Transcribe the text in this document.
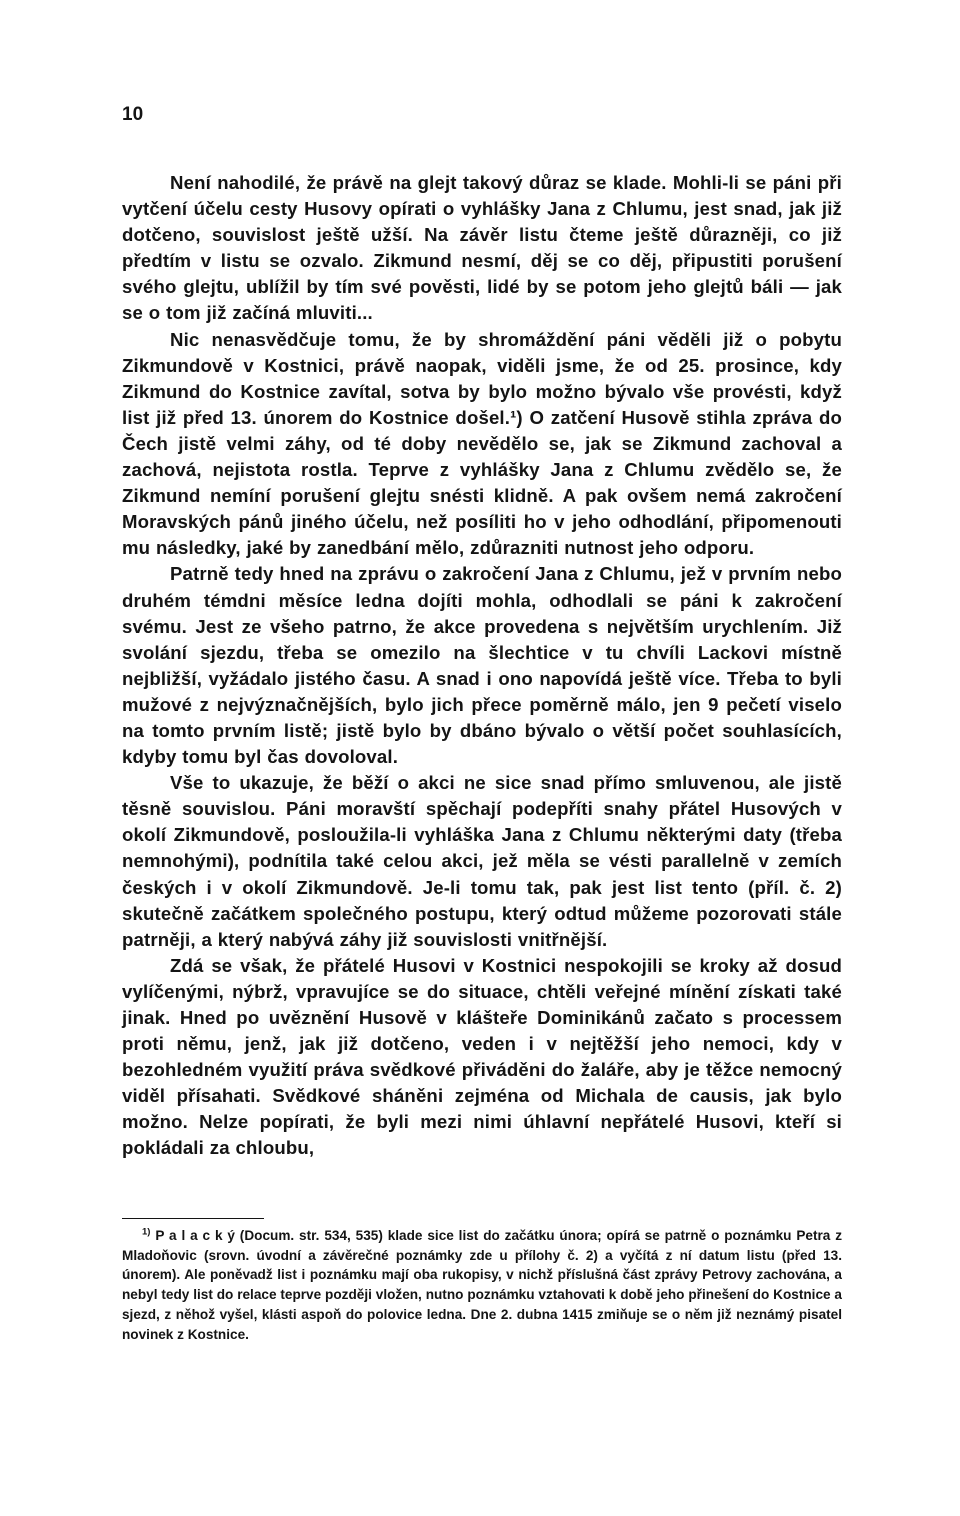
10

Není nahodilé, že právě na glejt takový důraz se klade. Mohli-li se páni při vytčení účelu cesty Husovy opírati o vyhlášky Jana z Chlumu, jest snad, jak již dotčeno, souvislost ještě užší. Na závěr listu čteme ještě důrazněji, co již předtím v listu se ozvalo. Zikmund nesmí, děj se co děj, připustiti porušení svého glejtu, ublížil by tím své pověsti, lidé by se potom jeho glejtů báli — jak se o tom již začíná mluviti...

Nic nenasvědčuje tomu, že by shromáždění páni věděli již o pobytu Zikmundově v Kostnici, právě naopak, viděli jsme, že od 25. prosince, kdy Zikmund do Kostnice zavítal, sotva by bylo možno bývalo vše provésti, když list již před 13. únorem do Kostnice došel.¹) O zatčení Husově stihla zpráva do Čech jistě velmi záhy, od té doby nevědělo se, jak se Zikmund zachoval a zachová, nejistota rostla. Teprve z vyhlášky Jana z Chlumu zvědělo se, že Zikmund nemíní porušení glejtu snésti klidně. A pak ovšem nemá zakročení Moravských pánů jiného účelu, než posíliti ho v jeho odhodlání, připomenouti mu následky, jaké by zanedbání mělo, zdůrazniti nutnost jeho odporu.

Patrně tedy hned na zprávu o zakročení Jana z Chlumu, jež v prvním nebo druhém témdni měsíce ledna dojíti mohla, odhodlali se páni k zakročení svému. Jest ze všeho patrno, že akce provedena s největším urychlením. Již svolání sjezdu, třeba se omezilo na šlechtice v tu chvíli Lackovi místně nejbližší, vyžádalo jistého času. A snad i ono napovídá ještě více. Třeba to byli mužové z nejvýznačnějších, bylo jich přece poměrně málo, jen 9 pečetí viselo na tomto prvním listě; jistě bylo by dbáno bývalo o větší počet souhlasících, kdyby tomu byl čas dovoloval.

Vše to ukazuje, že běží o akci ne sice snad přímo smluvenou, ale jistě těsně souvislou. Páni moravští spěchají podepříti snahy přátel Husových v okolí Zikmundově, posloužila-li vyhláška Jana z Chlumu některými daty (třeba nemnohými), podnítila také celou akci, jež měla se vésti parallelně v zemích českých i v okolí Zikmundově. Je-li tomu tak, pak jest list tento (příl. č. 2) skutečně začátkem společného postupu, který odtud můžeme pozorovati stále patrněji, a který nabývá záhy již souvislosti vnitřnější.

Zdá se však, že přátelé Husovi v Kostnici nespokojili se kroky až dosud vylíčenými, nýbrž, vpravujíce se do situace, chtěli veřejné mínění získati také jinak. Hned po uvěznění Husově v klášteře Dominikánů začato s processem proti němu, jenž, jak již dotčeno, veden i v nejtěžší jeho nemoci, kdy v bezohledném využití práva svědkové přiváděni do žaláře, aby je těžce nemocný viděl přísahati. Svědkové sháněni zejména od Michala de causis, jak bylo možno. Nelze popírati, že byli mezi nimi úhlavní nepřátelé Husovi, kteří si pokládali za chloubu,

$^{1)}$ P a l a c k ý (Docum. str. 534, 535) klade sice list do začátku února; opírá se patrně o poznámku Petra z Mladoňovic (srovn. úvodní a závěrečné poznámky zde u přílohy č. 2) a vyčítá z ní datum listu (před 13. únorem). Ale poněvadž list i poznámku mají oba rukopisy, v nichž příslušná část zprávy Petrovy zachována, a nebyl tedy list do relace teprve později vložen, nutno poznámku vztahovati k době jeho přinešení do Kostnice a sjezd, z něhož vyšel, klásti aspoň do polovice ledna. Dne 2. dubna 1415 zmiňuje se o něm již neznámý pisatel novinek z Kostnice.
